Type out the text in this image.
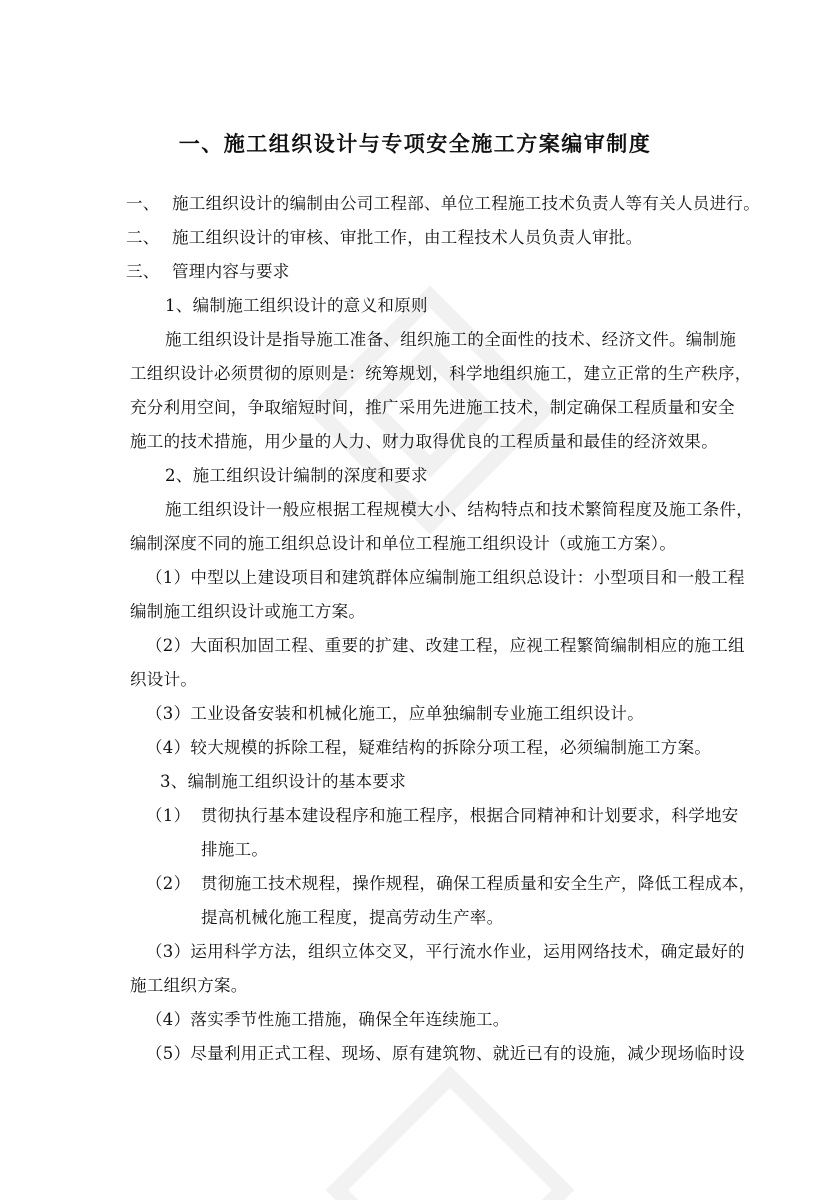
一、施工组织设计与专项安全施工方案编审制度
一、 施工组织设计的编制由公司工程部、单位工程施工技术负责人等有关人员进行。
二、 施工组织设计的审核、审批工作，由工程技术人员负责人审批。
三、 管理内容与要求
1、编制施工组织设计的意义和原则
施工组织设计是指导施工准备、组织施工的全面性的技术、经济文件。编制施
工组织设计必须贯彻的原则是：统筹规划，科学地组织施工，建立正常的生产秩序，
充分利用空间，争取缩短时间，推广采用先进施工技术，制定确保工程质量和安全
施工的技术措施，用少量的人力、财力取得优良的工程质量和最佳的经济效果。
2、施工组织设计编制的深度和要求
施工组织设计一般应根据工程规模大小、结构特点和技术繁简程度及施工条件，
编制深度不同的施工组织总设计和单位工程施工组织设计（或施工方案）。
（1）中型以上建设项目和建筑群体应编制施工组织总设计：小型项目和一般工程
编制施工组织设计或施工方案。
（2）大面积加固工程、重要的扩建、改建工程，应视工程繁简编制相应的施工组
织设计。
（3）工业设备安装和机械化施工，应单独编制专业施工组织设计。
（4）较大规模的拆除工程，疑难结构的拆除分项工程，必须编制施工方案。
3、编制施工组织设计的基本要求
（1） 贯彻执行基本建设程序和施工程序，根据合同精神和计划要求，科学地安
排施工。
（2） 贯彻施工技术规程，操作规程，确保工程质量和安全生产，降低工程成本，
提高机械化施工程度，提高劳动生产率。
（3）运用科学方法，组织立体交叉，平行流水作业，运用网络技术，确定最好的
施工组织方案。
（4）落实季节性施工措施，确保全年连续施工。
（5）尽量利用正式工程、现场、原有建筑物、就近已有的设施，减少现场临时设
